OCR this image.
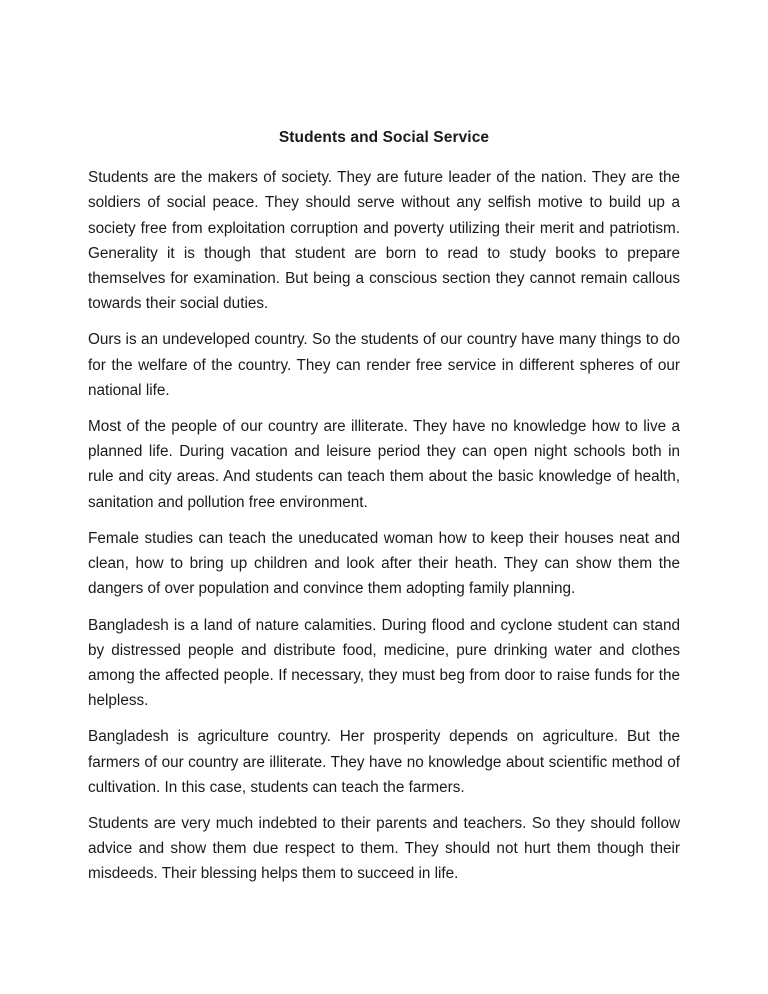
Students and Social Service

Students are the makers of society. They are future leader of the nation. They are the soldiers of social peace. They should serve without any selfish motive to build up a society free from exploitation corruption and poverty utilizing their merit and patriotism. Generality it is though that student are born to read to study books to prepare themselves for examination. But being a conscious section they cannot remain callous towards their social duties.

Ours is an undeveloped country. So the students of our country have many things to do for the welfare of the country. They can render free service in different spheres of our national life.

Most of the people of our country are illiterate. They have no knowledge how to live a planned life. During vacation and leisure period they can open night schools both in rule and city areas. And students can teach them about the basic knowledge of health, sanitation and pollution free environment.

Female studies can teach the uneducated woman how to keep their houses neat and clean, how to bring up children and look after their heath. They can show them the dangers of over population and convince them adopting family planning.

Bangladesh is a land of nature calamities. During flood and cyclone student can stand by distressed people and distribute food, medicine, pure drinking water and clothes among the affected people. If necessary, they must beg from door to raise funds for the helpless.

Bangladesh is agriculture country. Her prosperity depends on agriculture. But the farmers of our country are illiterate. They have no knowledge about scientific method of cultivation. In this case, students can teach the farmers.

Students are very much indebted to their parents and teachers. So they should follow advice and show them due respect to them. They should not hurt them though their misdeeds. Their blessing helps them to succeed in life.
